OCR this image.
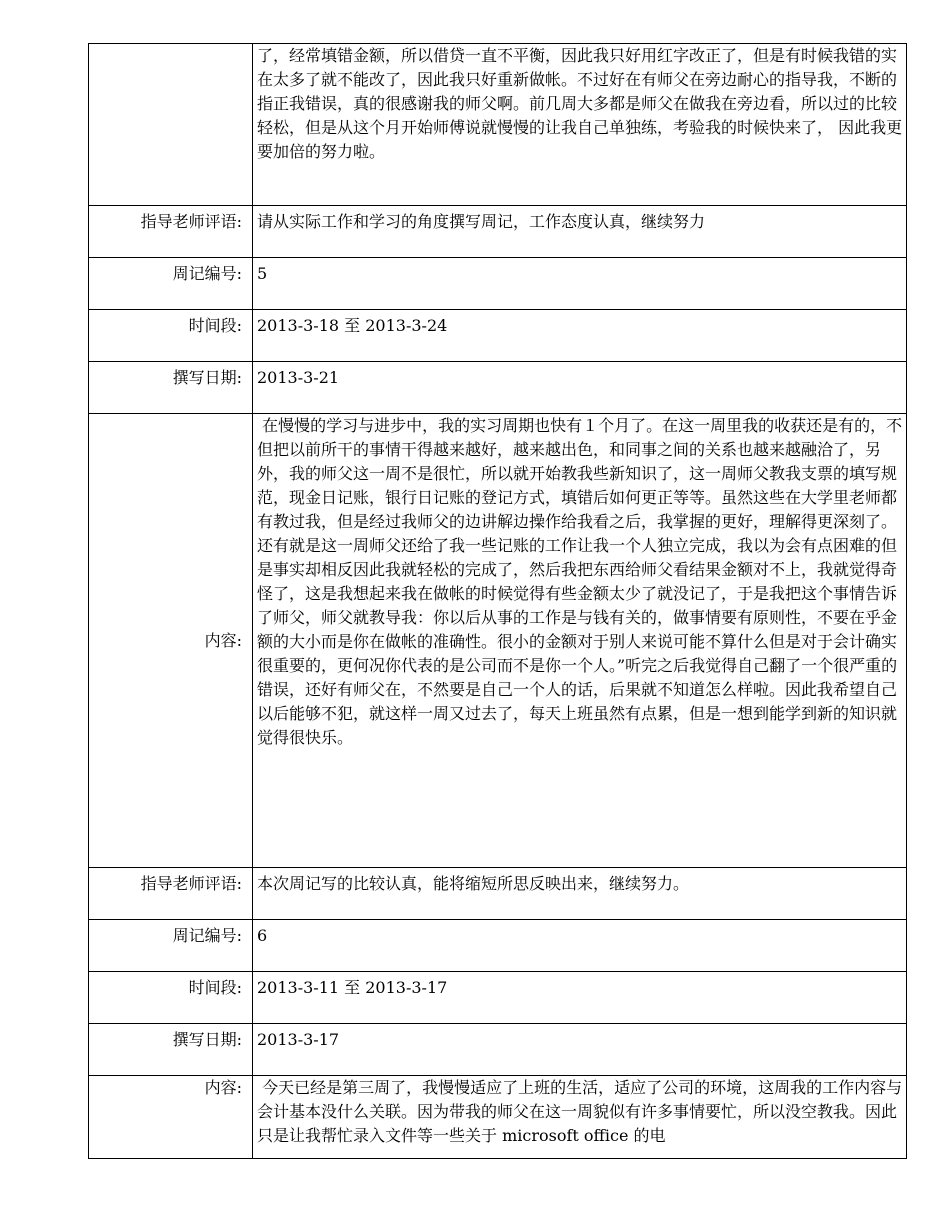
	了，经常填错金额，所以借贷一直不平衡，因此我只好用红字改正了，但是有时候我错的实在太多了就不能改了，因此我只好重新做帐。不过好在有师父在旁边耐心的指导我，不断的指正我错误，真的很感谢我的师父啊。前几周大多都是师父在做我在旁边看，所以过的比较轻松，但是从这个月开始师傅说就慢慢的让我自己单独练，考验我的时候快来了， 因此我更要加倍的努力啦。

指导老师评语:	请从实际工作和学习的角度撰写周记，工作态度认真，继续努力

周记编号:	5

时间段:	2013-3-18 至 2013-3-24

撰写日期:	2013-3-21

内容:	在慢慢的学习与进步中，我的实习周期也快有１个月了。在这一周里我的收获还是有的，不但把以前所干的事情干得越来越好，越来越出色，和同事之间的关系也越来越融洽了，另外，我的师父这一周不是很忙，所以就开始教我些新知识了，这一周师父教我支票的填写规范，现金日记账，银行日记账的登记方式，填错后如何更正等等。虽然这些在大学里老师都有教过我，但是经过我师父的边讲解边操作给我看之后，我掌握的更好，理解得更深刻了。还有就是这一周师父还给了我一些记账的工作让我一个人独立完成，我以为会有点困难的但是事实却相反因此我就轻松的完成了，然后我把东西给师父看结果金额对不上，我就觉得奇怪了，这是我想起来我在做帐的时候觉得有些金额太少了就没记了，于是我把这个事情告诉了师父，师父就教导我：你以后从事的工作是与钱有关的，做事情要有原则性，不要在乎金额的大小而是你在做帐的准确性。很小的金额对于别人来说可能不算什么但是对于会计确实很重要的，更何况你代表的是公司而不是你一个人。”听完之后我觉得自己翻了一个很严重的错误，还好有师父在，不然要是自己一个人的话，后果就不知道怎么样啦。因此我希望自己以后能够不犯，就这样一周又过去了，每天上班虽然有点累，但是一想到能学到新的知识就觉得很快乐。

指导老师评语:	本次周记写的比较认真，能将缩短所思反映出来，继续努力。

周记编号:	6

时间段:	2013-3-11 至 2013-3-17

撰写日期:	2013-3-17

内容:	今天已经是第三周了，我慢慢适应了上班的生活，适应了公司的环境，这周我的工作内容与会计基本没什么关联。因为带我的师父在这一周貌似有许多事情要忙，所以没空教我。因此只是让我帮忙录入文件等一些关于 microsoft office 的电
